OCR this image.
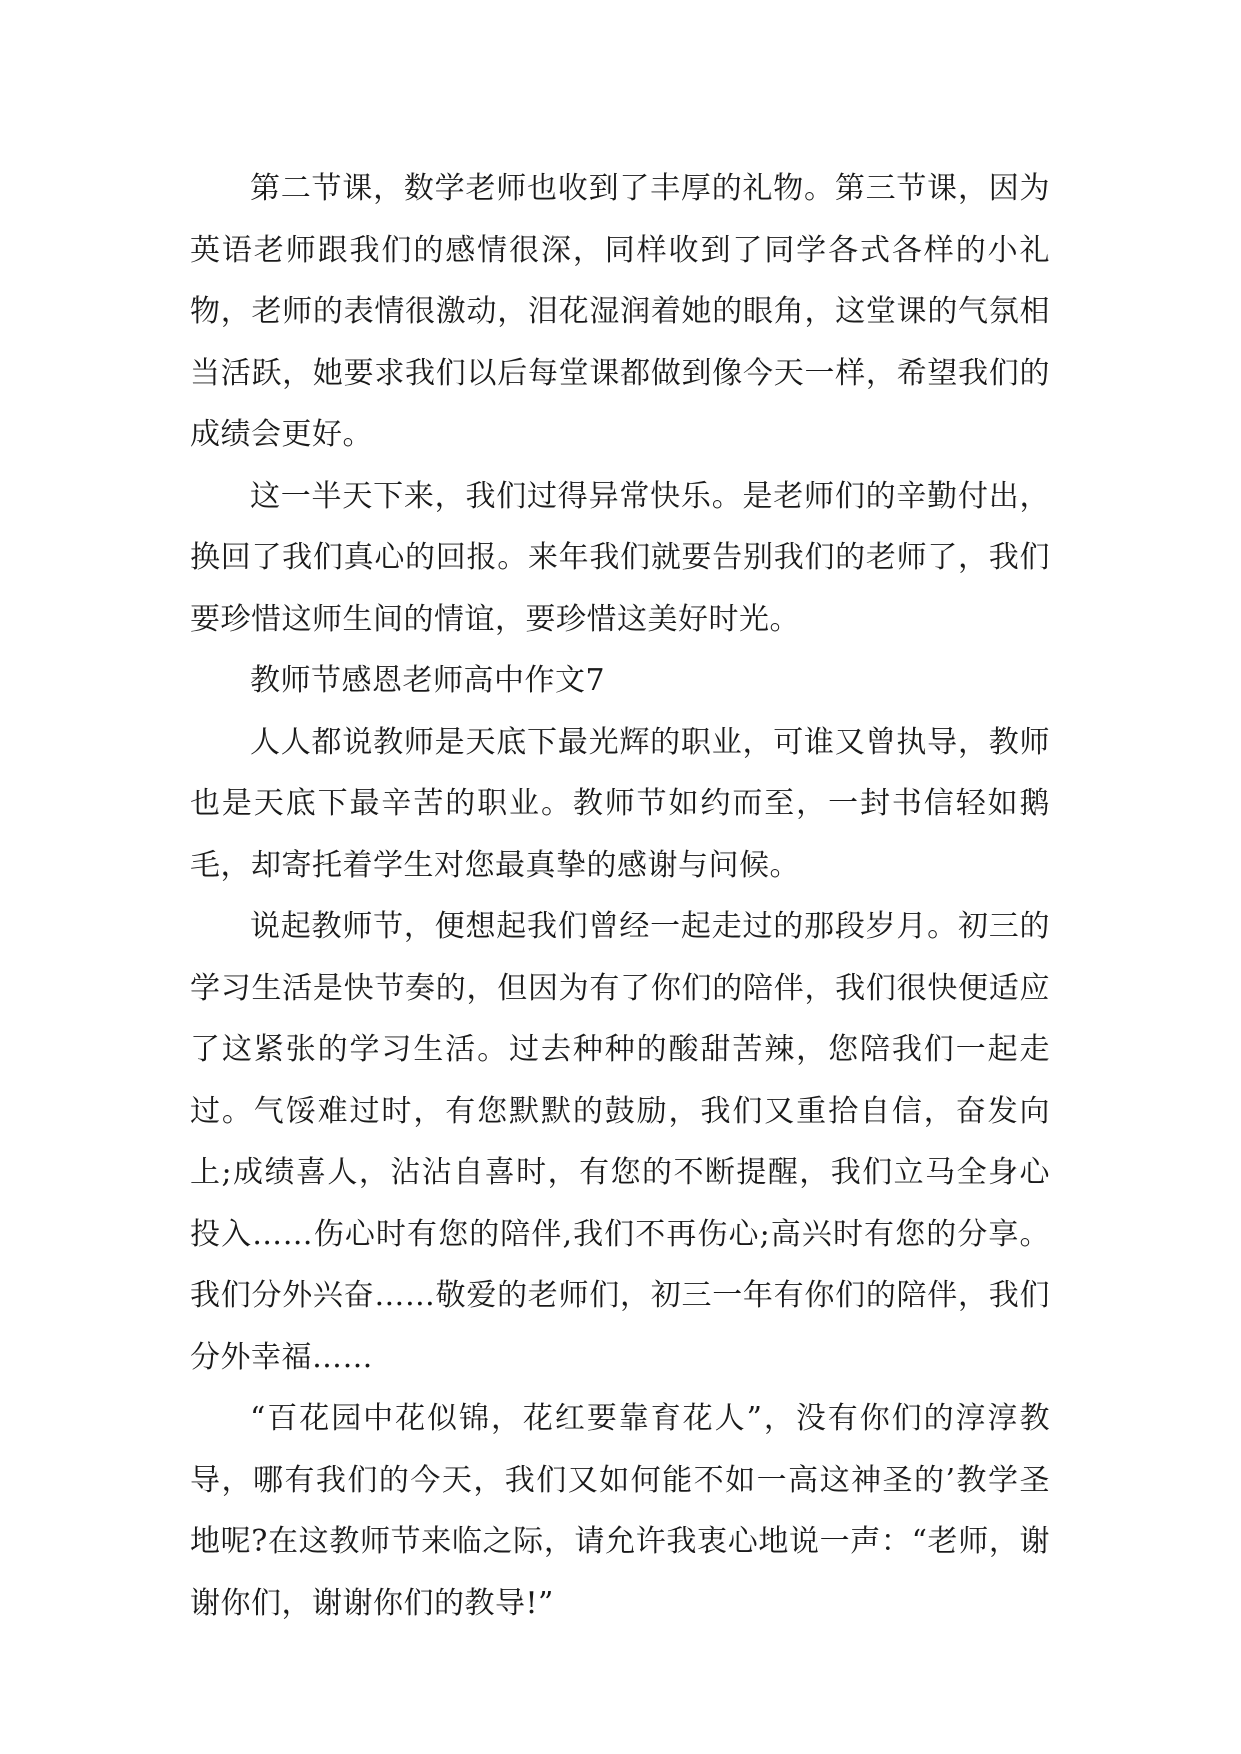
第二节课，数学老师也收到了丰厚的礼物。第三节课，因为英语老师跟我们的感情很深，同样收到了同学各式各样的小礼物，老师的表情很激动，泪花湿润着她的眼角，这堂课的气氛相当活跃，她要求我们以后每堂课都做到像今天一样，希望我们的成绩会更好。

这一半天下来，我们过得异常快乐。是老师们的辛勤付出，换回了我们真心的回报。来年我们就要告别我们的老师了，我们要珍惜这师生间的情谊，要珍惜这美好时光。

教师节感恩老师高中作文7

人人都说教师是天底下最光辉的职业，可谁又曾执导，教师也是天底下最辛苦的职业。教师节如约而至，一封书信轻如鹅毛，却寄托着学生对您最真挚的感谢与问候。

说起教师节，便想起我们曾经一起走过的那段岁月。初三的学习生活是快节奏的，但因为有了你们的陪伴，我们很快便适应了这紧张的学习生活。过去种种的酸甜苦辣，您陪我们一起走过。气馁难过时，有您默默的鼓励，我们又重拾自信，奋发向上;成绩喜人，沾沾自喜时，有您的不断提醒，我们立马全身心投入……伤心时有您的陪伴,我们不再伤心;高兴时有您的分享。我们分外兴奋……敬爱的老师们，初三一年有你们的陪伴，我们分外幸福……

“百花园中花似锦，花红要靠育花人”，没有你们的淳淳教导，哪有我们的今天，我们又如何能不如一高这神圣的’教学圣地呢?在这教师节来临之际，请允许我衷心地说一声：“老师，谢谢你们，谢谢你们的教导!”
